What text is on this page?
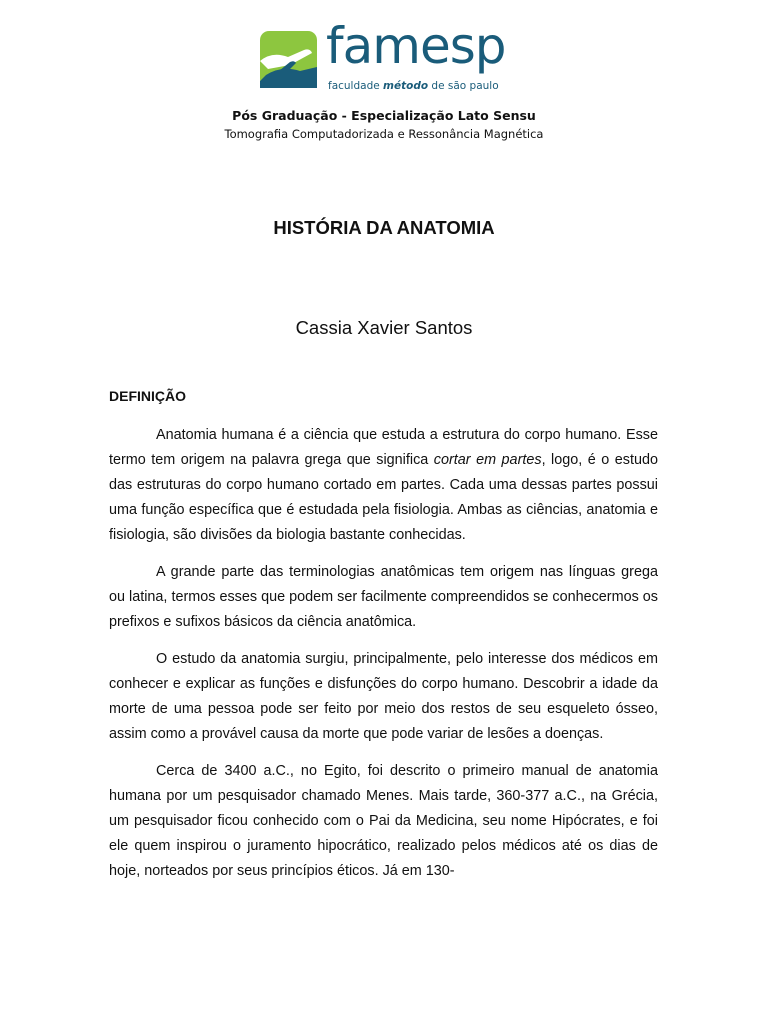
famesp
faculdade método de são paulo
Pós Graduação - Especialização Lato Sensu
Tomografia Computadorizada e Ressonância Magnética
HISTÓRIA DA ANATOMIA
Cassia Xavier Santos
DEFINIÇÃO

Anatomia humana é a ciência que estuda a estrutura do corpo humano. Esse termo tem origem na palavra grega que significa cortar em partes, logo, é o estudo das estruturas do corpo humano cortado em partes. Cada uma dessas partes possui uma função específica que é estudada pela fisiologia. Ambas as ciências, anatomia e fisiologia, são divisões da biologia bastante conhecidas.

A grande parte das terminologias anatômicas tem origem nas línguas grega ou latina, termos esses que podem ser facilmente compreendidos se conhecermos os prefixos e sufixos básicos da ciência anatômica.

O estudo da anatomia surgiu, principalmente, pelo interesse dos médicos em conhecer e explicar as funções e disfunções do corpo humano. Descobrir a idade da morte de uma pessoa pode ser feito por meio dos restos de seu esqueleto ósseo, assim como a provável causa da morte que pode variar de lesões a doenças.

Cerca de 3400 a.C., no Egito, foi descrito o primeiro manual de anatomia humana por um pesquisador chamado Menes. Mais tarde, 360-377 a.C., na Grécia, um pesquisador ficou conhecido com o Pai da Medicina, seu nome Hipócrates, e foi ele quem inspirou o juramento hipocrático, realizado pelos médicos até os dias de hoje, norteados por seus princípios éticos. Já em 130-
